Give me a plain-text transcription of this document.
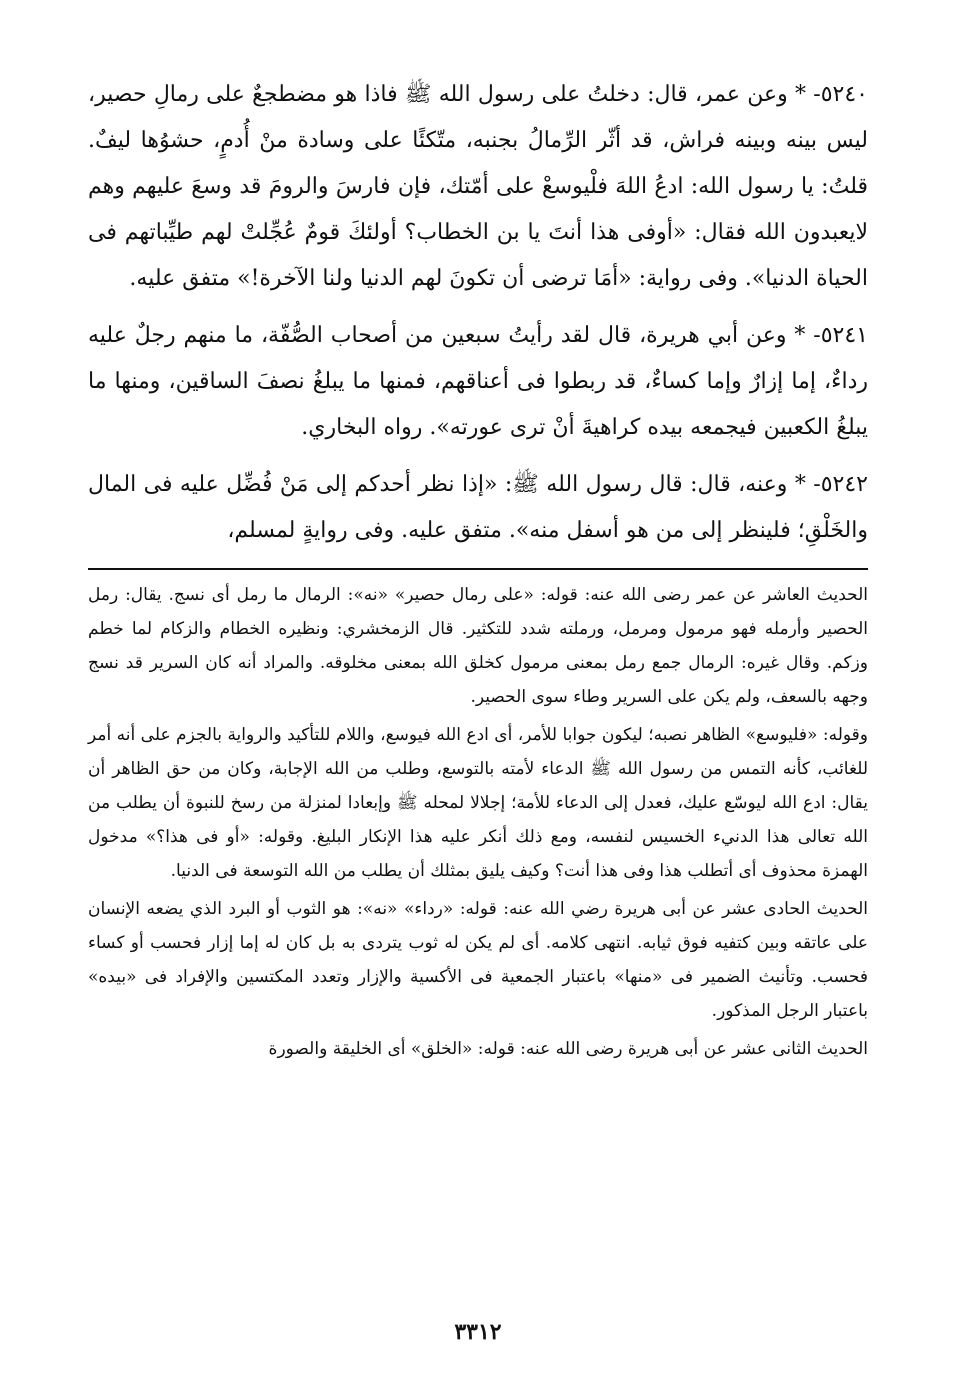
٥٢٤٠- * وعن عمر، قال: دخلتُ على رسول الله ﷺ فاذا هو مضطجعٌ على رمالِ حصير، ليس بينه وبينه فراش، قد أثّر الرِّمالُ بجنبه، متّكئًا على وسادة منْ أُدمٍ، حشوُها ليفٌ. قلتُ: يا رسول الله: ادعُ اللهَ فلْيوسعْ على أمّتك، فإن فارسَ والرومَ قد وسعَ عليهم وهم لايعبدون الله فقال: «أوفى هذا أنتَ يا بن الخطاب؟ أولئكَ قومٌ عُجِّلتْ لهم طيِّباتهم فى الحياة الدنيا». وفى رواية: «أمَا ترضى أن تكونَ لهم الدنيا ولنا الآخرة!» متفق عليه.

٥٢٤١- * وعن أبي هريرة، قال لقد رأيتُ سبعين من أصحاب الصُّفّة، ما منهم رجلٌ عليه رداءٌ، إما إزارٌ وإما كساءٌ، قد ربطوا فى أعناقهم، فمنها ما يبلغُ نصفَ الساقين، ومنها ما يبلغُ الكعبين فيجمعه بيده كراهيةَ أنْ ترى عورته». رواه البخاري.

٥٢٤٢- * وعنه، قال: قال رسول الله ﷺ: «إذا نظر أحدكم إلى مَنْ فُضِّل عليه فى المال والخَلْقِ؛ فلينظر إلى من هو أسفل منه». متفق عليه. وفى روايةٍ لمسلم،

الحديث العاشر عن عمر رضى الله عنه: قوله: «على رمال حصير» «نه»: الرمال ما رمل أى نسج. يقال: رمل الحصير وأرمله فهو مرمول ومرمل، ورملته شدد للتكثير. قال الزمخشري: ونظيره الخطام والزكام لما خطم وزكم. وقال غيره: الرمال جمع رمل بمعنى مرمول كخلق الله بمعنى مخلوقه. والمراد أنه كان السرير قد نسج وجهه بالسعف، ولم يكن على السرير وطاء سوى الحصير.

وقوله: «فليوسع» الظاهر نصبه؛ ليكون جوابا للأمر، أى ادع الله فيوسع، واللام للتأكيد والرواية بالجزم على أنه أمر للغائب، كأنه التمس من رسول الله ﷺ الدعاء لأمته بالتوسع، وطلب من الله الإجابة، وكان من حق الظاهر أن يقال: ادع الله ليوسّع عليك، فعدل إلى الدعاء للأمة؛ إجلالا لمحله ﷺ وإبعادا لمنزلة من رسخ للنبوة أن يطلب من الله تعالى هذا الدنيء الخسيس لنفسه، ومع ذلك أنكر عليه هذا الإنكار البليغ. وقوله: «أو فى هذا؟» مدخول الهمزة محذوف أى أتطلب هذا وفى هذا أنت؟ وكيف يليق بمثلك أن يطلب من الله التوسعة فى الدنيا.

الحديث الحادى عشر عن أبى هريرة رضي الله عنه: قوله: «رداء» «نه»: هو الثوب أو البرد الذي يضعه الإنسان على عاتقه وبين كتفيه فوق ثيابه. انتهى كلامه. أى لم يكن له ثوب يتردى به بل كان له إما إزار فحسب أو كساء فحسب. وتأنيث الضمير فى «منها» باعتبار الجمعية فى الأكسية والإزار وتعدد المكتسين والإفراد فى «بيده» باعتبار الرجل المذكور.

الحديث الثانى عشر عن أبى هريرة رضى الله عنه: قوله: «الخلق» أى الخليقة والصورة

٣٣١٢
